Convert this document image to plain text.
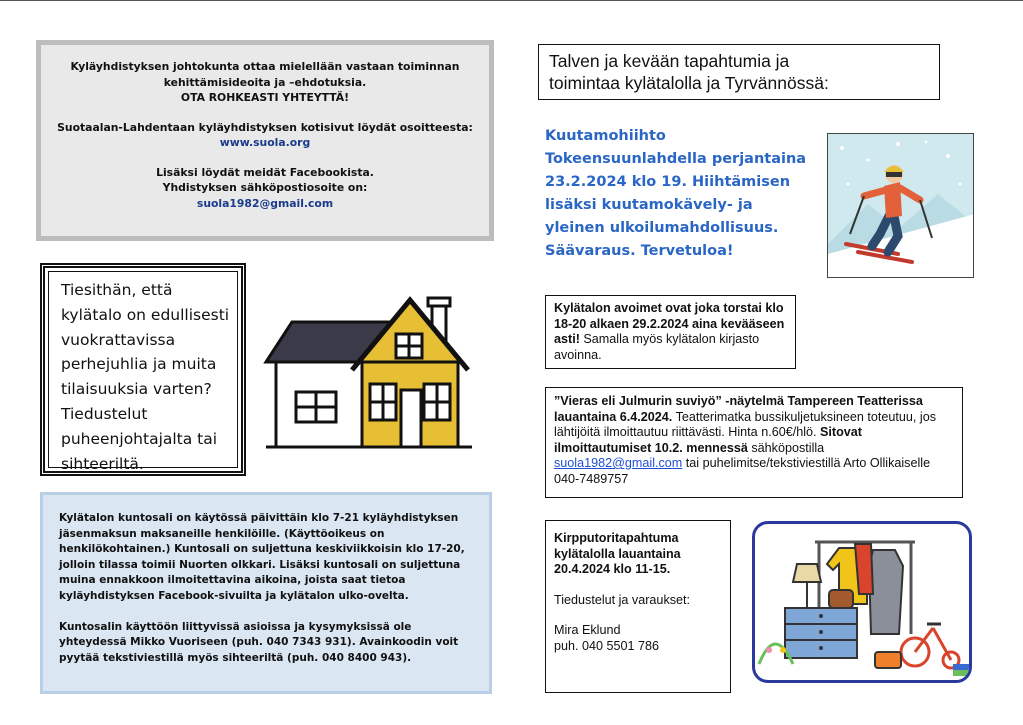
Kyläyhdistyksen johtokunta ottaa mielellään vastaan toiminnan

kehittämisideoita ja –ehdotuksia.

OTA ROHKEASTI YHTEYTTÄ!

Suotaalan-Lahdentaan kyläyhdistyksen kotisivut löydät osoitteesta:

www.suola.org

Lisäksi löydät meidät Facebookista.

Yhdistyksen sähköpostiosoite on:

suola1982@gmail.com

Tiesithän, että
kylätalo on edullisesti
vuokrattavissa
perhejuhlia ja muita
tilaisuuksia varten?
Tiedustelut
puheenjohtajalta tai
sihteeriltä.
Kylätalon kuntosali on käytössä päivittäin klo 7-21 kyläyhdistyksen
jäsenmaksun maksaneille henkilöille. (Käyttöoikeus on
henkilökohtainen.) Kuntosali on suljettuna keskiviikkoisin klo 17-20,
jolloin tilassa toimii Nuorten olkkari. Lisäksi kuntosali on suljettuna
muina ennakkoon ilmoitettavina aikoina, joista saat tietoa
kyläyhdistyksen Facebook-sivuilta ja kylätalon ulko-oveltа.
Kuntosalin käyttöön liittyvissä asioissa ja kysymyksissä ole
yhteydessä Mikko Vuoriseen (puh. 040 7343 931). Avainkoodin voit
pyytää tekstiviestillä myös sihteeriltä (puh. 040 8400 943).
Talven ja kevään tapahtumia ja
toimintaa kylätalolla ja Tyrvännössä:
Kuutamohiihto
Tokeensuunlahdella perjantaina
23.2.2024 klo 19. Hiihtämisen
lisäksi kuutamokävely- ja
yleinen ulkoilumahdollisuus.
Säävaraus. Tervetuloa!
Kylätalon avoimet ovat joka torstai klo 18-20 alkaen 29.2.2024 aina kevääseen asti! Samalla myös kylätalon kirjasto avoinna.
”Vieras eli Julmurin suviyö” -näytelmä Tampereen Teatterissa lauantaina 6.4.2024. Teatterimatka bussikuljetuksineen toteutuu, jos lähtijöitä ilmoittautuu riittävästi. Hinta n.60€/hlö. Sitovat ilmoittautumiset 10.2. mennessä sähköpostilla suola1982@gmail.com tai puhelimitse/tekstiviestillä Arto Ollikaiselle 040-7489757
Kirpputoritapahtuma kylätalolla lauantaina 20.4.2024 klo 11-15.
Tiedustelut ja varaukset:
Mira Eklund
puh. 040 5501 786
